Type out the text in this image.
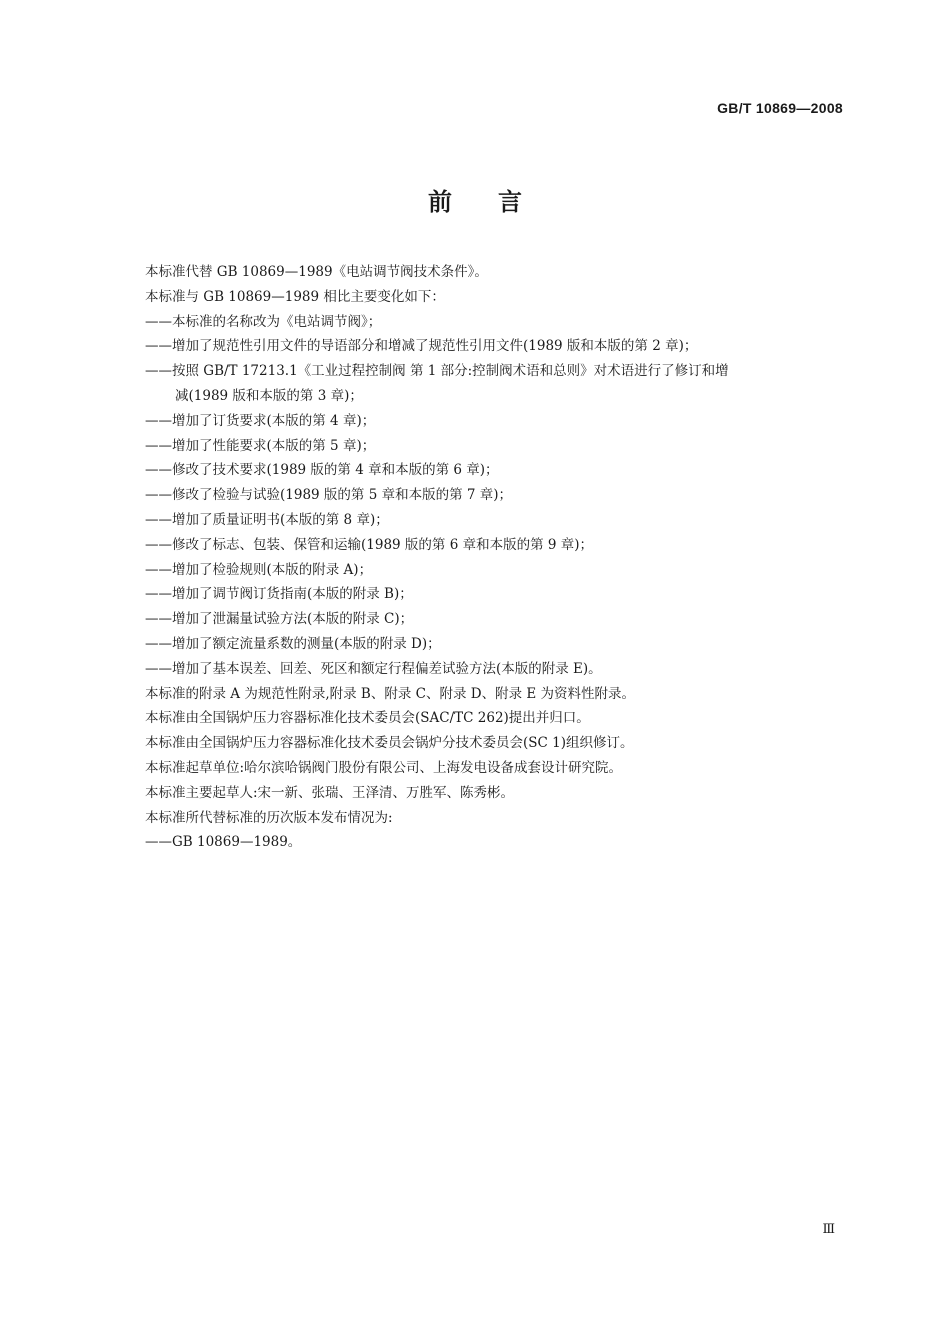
GB/T 10869—2008
前言
本标准代替 GB 10869—1989《电站调节阀技术条件》。
本标准与 GB 10869—1989 相比主要变化如下：
——本标准的名称改为《电站调节阀》；
——增加了规范性引用文件的导语部分和增减了规范性引用文件(1989 版和本版的第 2 章)；
——按照 GB/T 17213.1《工业过程控制阀 第 1 部分:控制阀术语和总则》对术语进行了修订和增
减(1989 版和本版的第 3 章)；
——增加了订货要求(本版的第 4 章)；
——增加了性能要求(本版的第 5 章)；
——修改了技术要求(1989 版的第 4 章和本版的第 6 章)；
——修改了检验与试验(1989 版的第 5 章和本版的第 7 章)；
——增加了质量证明书(本版的第 8 章)；
——修改了标志、包装、保管和运输(1989 版的第 6 章和本版的第 9 章)；
——增加了检验规则(本版的附录 A)；
——增加了调节阀订货指南(本版的附录 B)；
——增加了泄漏量试验方法(本版的附录 C)；
——增加了额定流量系数的测量(本版的附录 D)；
——增加了基本误差、回差、死区和额定行程偏差试验方法(本版的附录 E)。
本标准的附录 A 为规范性附录,附录 B、附录 C、附录 D、附录 E 为资料性附录。
本标准由全国锅炉压力容器标准化技术委员会(SAC/TC 262)提出并归口。
本标准由全国锅炉压力容器标准化技术委员会锅炉分技术委员会(SC 1)组织修订。
本标准起草单位:哈尔滨哈锅阀门股份有限公司、上海发电设备成套设计研究院。
本标准主要起草人:宋一新、张瑞、王泽清、万胜军、陈秀彬。
本标准所代替标准的历次版本发布情况为:
——GB 10869—1989。
Ⅲ
